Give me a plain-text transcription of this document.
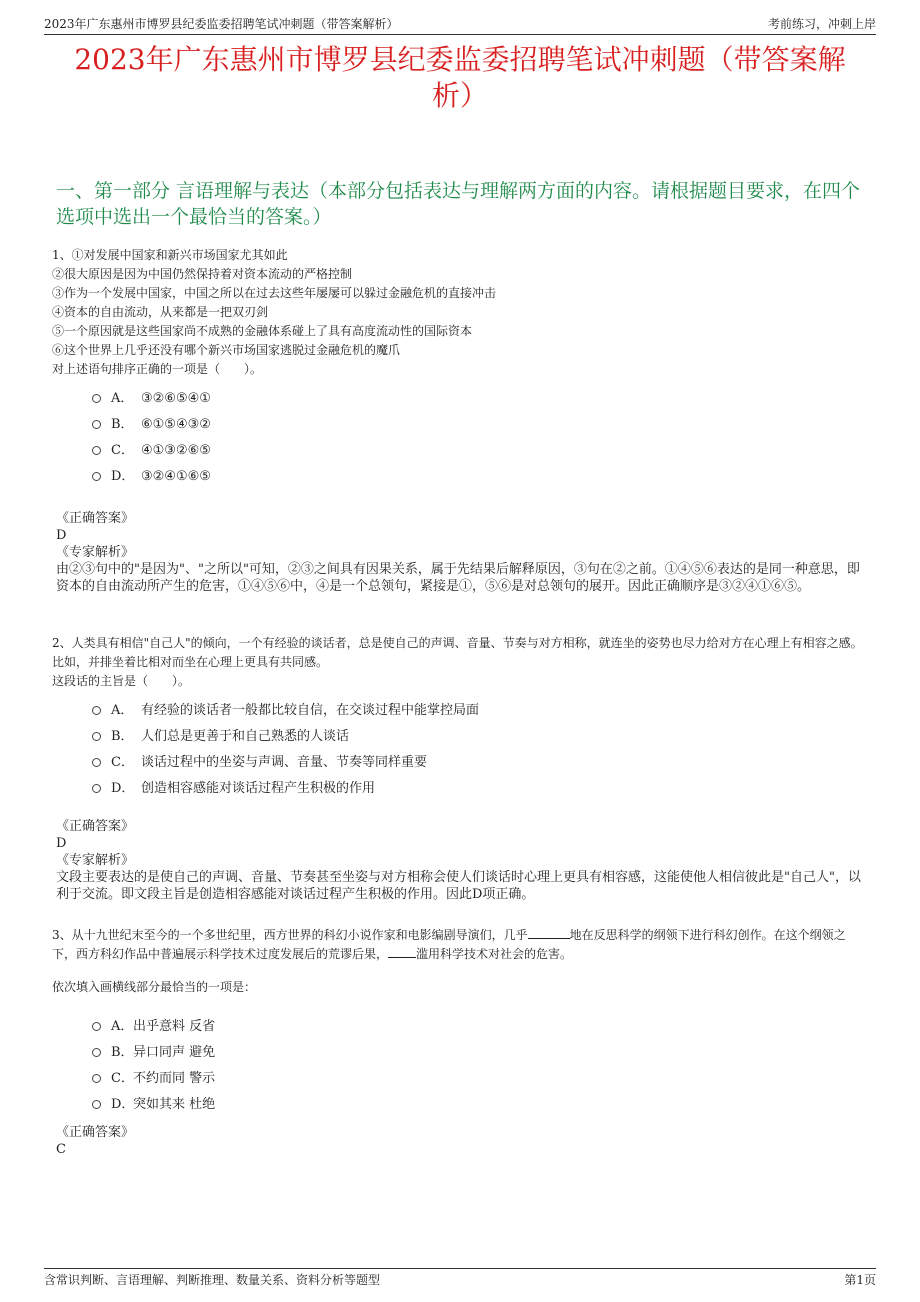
2023年广东惠州市博罗县纪委监委招聘笔试冲刺题（带答案解析）	考前练习，冲刺上岸
2023年广东惠州市博罗县纪委监委招聘笔试冲刺题（带答案解
析）
一、第一部分 言语理解与表达（本部分包括表达与理解两方面的内容。请根据题目要求，在四个选项中选出一个最恰当的答案。）

1、①对发展中国家和新兴市场国家尤其如此

②很大原因是因为中国仍然保持着对资本流动的严格控制

③作为一个发展中国家，中国之所以在过去这些年屡屡可以躲过金融危机的直接冲击

④资本的自由流动，从来都是一把双刃剑

⑤一个原因就是这些国家尚不成熟的金融体系碰上了具有高度流动性的国际资本

⑥这个世界上几乎还没有哪个新兴市场国家逃脱过金融危机的魔爪

对上述语句排序正确的一项是（　　）。

A． ③②⑥⑤④①
B． ⑥①⑤④③②
C． ④①③②⑥⑤
D． ③②④①⑥⑤

《正确答案》

D

《专家解析》

由②③句中的"是因为"、"之所以"可知，②③之间具有因果关系，属于先结果后解释原因，③句在②之前。①④⑤⑥表达的是同一种意思，即资本的自由流动所产生的危害，①④⑤⑥中，④是一个总领句，紧接是①，⑤⑥是对总领句的展开。因此正确顺序是③②④①⑥⑤。

2、人类具有相信"自己人"的倾向，一个有经验的谈话者，总是使自己的声调、音量、节奏与对方相称，就连坐的姿势也尽力给对方在心理上有相容之感。比如，并排坐着比相对而坐在心理上更具有共同感。

这段话的主旨是（　　）。

A． 有经验的谈话者一般都比较自信，在交谈过程中能掌控局面
B． 人们总是更善于和自己熟悉的人谈话
C． 谈话过程中的坐姿与声调、音量、节奏等同样重要
D． 创造相容感能对谈话过程产生积极的作用

《正确答案》

D

《专家解析》

文段主要表达的是使自己的声调、音量、节奏甚至坐姿与对方相称会使人们谈话时心理上更具有相容感，这能使他人相信彼此是"自己人"，以利于交流。即文段主旨是创造相容感能对谈话过程产生积极的作用。因此D项正确。

3、从十九世纪末至今的一个多世纪里，西方世界的科幻小说作家和电影编剧导演们，几乎	地在反思科学的纲领下进行科幻创作。在这个纲领之下，西方科幻作品中普遍展示科学技术过度发展后的荒谬后果， 滥用科学技术对社会的危害。

依次填入画横线部分最恰当的一项是：

A． 出乎意料 反省
B． 异口同声 避免
C． 不约而同 警示
D．
突如其来 杜绝

《正确答案》

C

含常识判断、言语理解、判断推理、数量关系、资料分析等题型	第1页
